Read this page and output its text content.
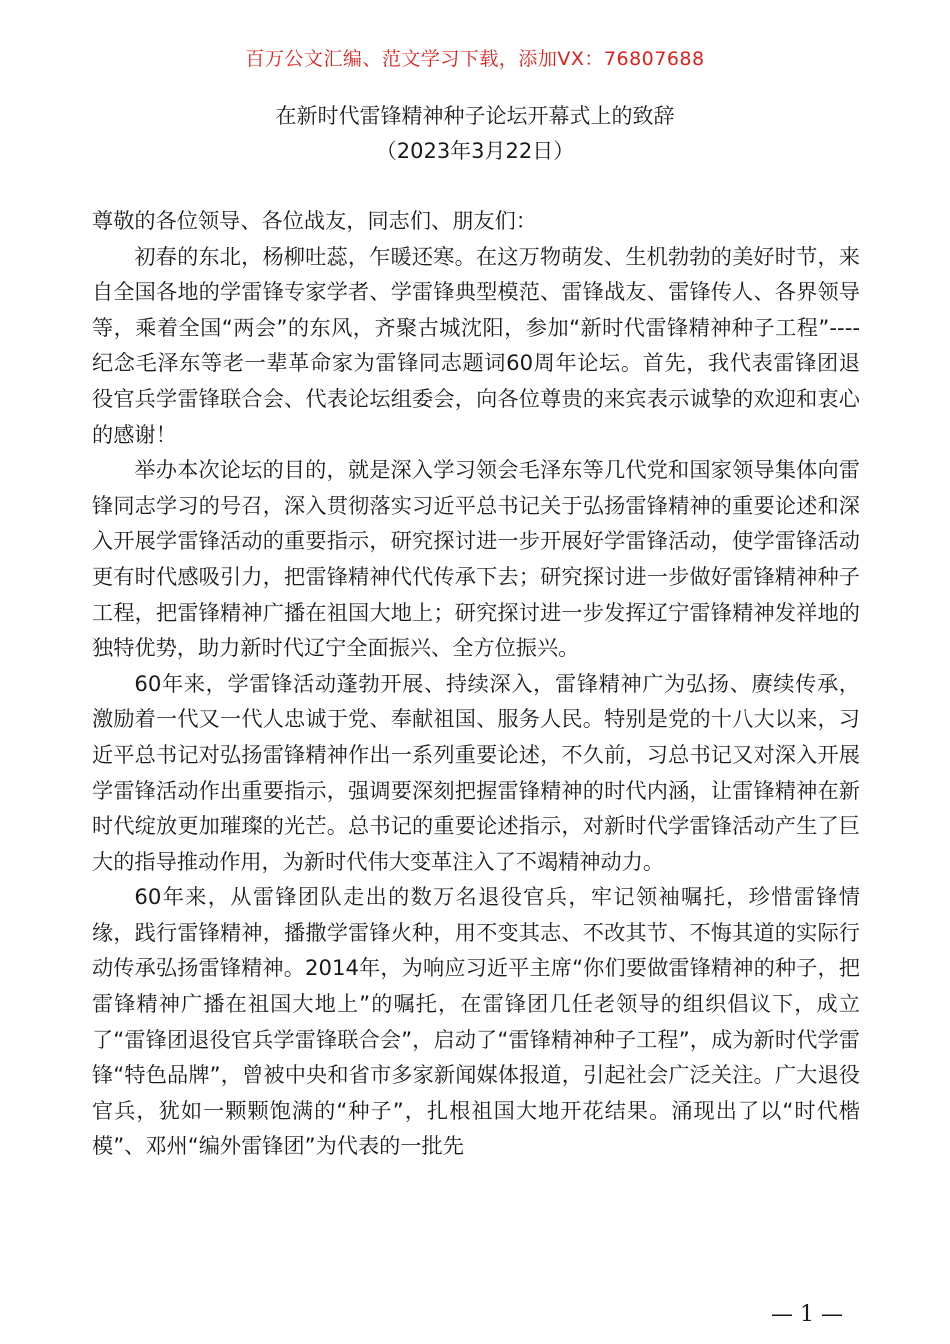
百万公文汇编、范文学习下载，添加VX：76807688
在新时代雷锋精神种子论坛开幕式上的致辞
（2023年3月22日）

尊敬的各位领导、各位战友，同志们、朋友们：

初春的东北，杨柳吐蕊，乍暖还寒。在这万物萌发、生机勃勃的美好时节，来自全国各地的学雷锋专家学者、学雷锋典型模范、雷锋战友、雷锋传人、各界领导等，乘着全国“两会”的东风，齐聚古城沈阳，参加“新时代雷锋精神种子工程”----纪念毛泽东等老一辈革命家为雷锋同志题词60周年论坛。首先，我代表雷锋团退役官兵学雷锋联合会、代表论坛组委会，向各位尊贵的来宾表示诚挚的欢迎和衷心的感谢！

举办本次论坛的目的，就是深入学习领会毛泽东等几代党和国家领导集体向雷锋同志学习的号召，深入贯彻落实习近平总书记关于弘扬雷锋精神的重要论述和深入开展学雷锋活动的重要指示，研究探讨进一步开展好学雷锋活动，使学雷锋活动更有时代感吸引力，把雷锋精神代代传承下去；研究探讨进一步做好雷锋精神种子工程，把雷锋精神广播在祖国大地上；研究探讨进一步发挥辽宁雷锋精神发祥地的独特优势，助力新时代辽宁全面振兴、全方位振兴。

60年来，学雷锋活动蓬勃开展、持续深入，雷锋精神广为弘扬、赓续传承，激励着一代又一代人忠诚于党、奉献祖国、服务人民。特别是党的十八大以来，习近平总书记对弘扬雷锋精神作出一系列重要论述，不久前，习总书记又对深入开展学雷锋活动作出重要指示，强调要深刻把握雷锋精神的时代内涵，让雷锋精神在新时代绽放更加璀璨的光芒。总书记的重要论述指示，对新时代学雷锋活动产生了巨大的指导推动作用，为新时代伟大变革注入了不竭精神动力。

60年来，从雷锋团队走出的数万名退役官兵，牢记领袖嘱托，珍惜雷锋情缘，践行雷锋精神，播撒学雷锋火种，用不变其志、不改其节、不悔其道的实际行动传承弘扬雷锋精神。2014年，为响应习近平主席“你们要做雷锋精神的种子，把雷锋精神广播在祖国大地上”的嘱托，在雷锋团几任老领导的组织倡议下，成立了“雷锋团退役官兵学雷锋联合会”，启动了“雷锋精神种子工程”，成为新时代学雷锋“特色品牌”，曾被中央和省市多家新闻媒体报道，引起社会广泛关注。广大退役官兵，犹如一颗颗饱满的“种子”，扎根祖国大地开花结果。涌现出了以“时代楷模”、邓州“编外雷锋团”为代表的一批先

— 1 —
